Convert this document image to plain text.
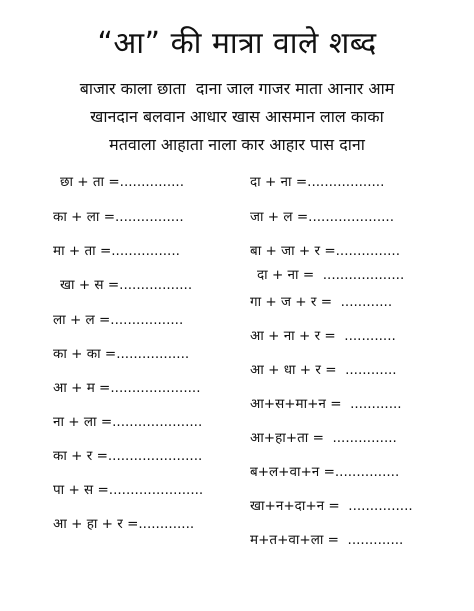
“आ” की मात्रा वाले शब्द
बाजार काला छाता  दाना जाल गाजर माता आनार आम
खानदान बलवान आधार खास आसमान लाल काका
मतवाला आहाता नाला कार आहार पास दाना
छा + ता =...............
का + ला =................
मा + ता =................
खा + स =.................
ला + ल =.................
का + का =.................
आ + म =.....................
ना + ला =.....................
का + र =......................
पा + स =......................
आ + हा + र =.............
दा + ना =..................
जा + ल =....................
बा + जा + र =...............
दा + ना =  ...................
गा + ज + र =  ............
आ + ना + र =  ............
आ + धा + र =  ............
आ+स+मा+न =  ............
आ+हा+ता =  ...............
ब+ल+वा+न =...............
खा+न+दा+न =  ...............
म+त+वा+ला =  .............
